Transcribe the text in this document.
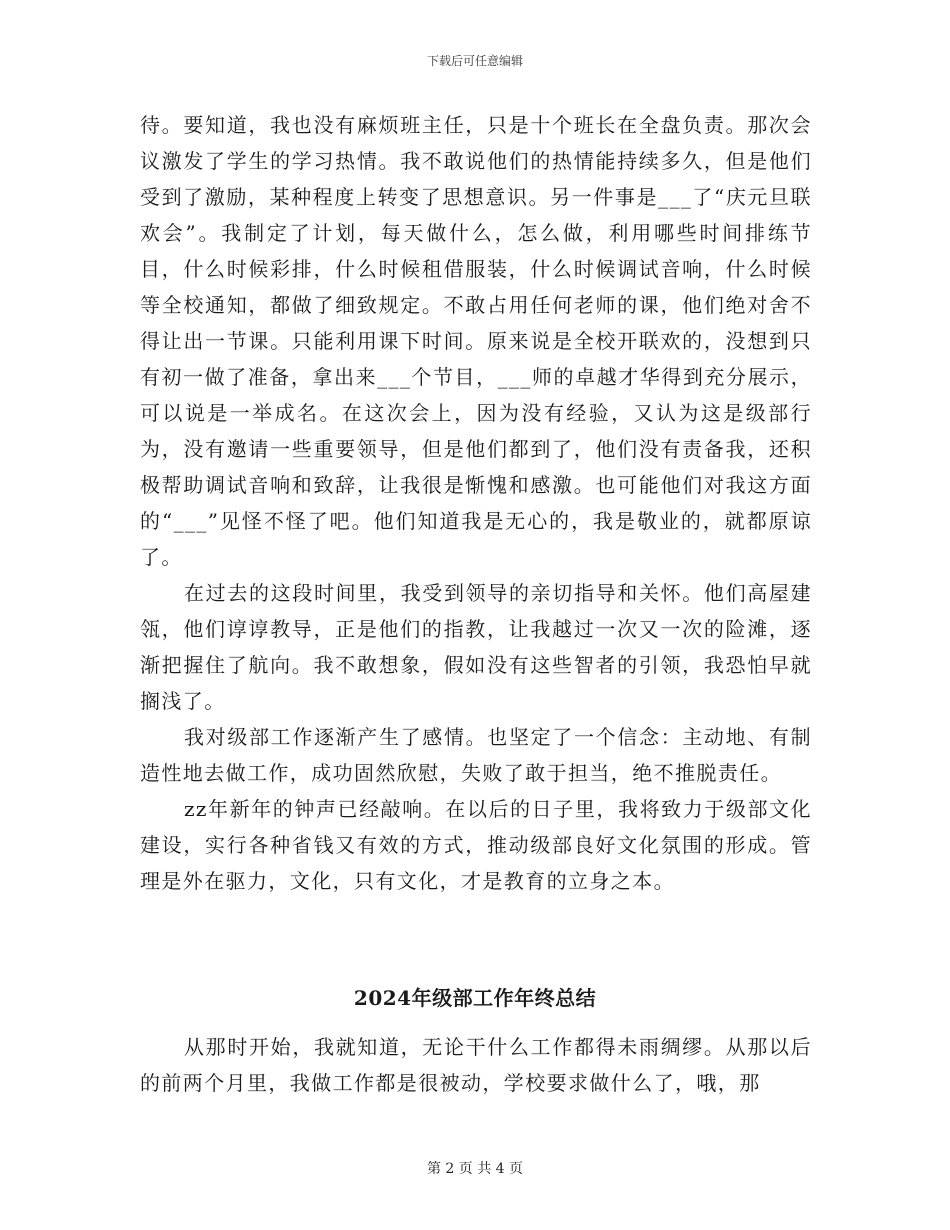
下载后可任意编辑

待。要知道，我也没有麻烦班主任，只是十个班长在全盘负责。那次会议激发了学生的学习热情。我不敢说他们的热情能持续多久，但是他们受到了激励，某种程度上转变了思想意识。另一件事是___了“庆元旦联欢会”。我制定了计划，每天做什么，怎么做，利用哪些时间排练节目，什么时候彩排，什么时候租借服装，什么时候调试音响，什么时候等全校通知，都做了细致规定。不敢占用任何老师的课，他们绝对舍不得让出一节课。只能利用课下时间。原来说是全校开联欢的，没想到只有初一做了准备，拿出来___个节目，___师的卓越才华得到充分展示，可以说是一举成名。在这次会上，因为没有经验，又认为这是级部行为，没有邀请一些重要领导，但是他们都到了，他们没有责备我，还积极帮助调试音响和致辞，让我很是惭愧和感激。也可能他们对我这方面的“___”见怪不怪了吧。他们知道我是无心的，我是敬业的，就都原谅了。

在过去的这段时间里，我受到领导的亲切指导和关怀。他们高屋建瓴，他们谆谆教导，正是他们的指教，让我越过一次又一次的险滩，逐渐把握住了航向。我不敢想象，假如没有这些智者的引领，我恐怕早就搁浅了。

我对级部工作逐渐产生了感情。也坚定了一个信念：主动地、有制造性地去做工作，成功固然欣慰，失败了敢于担当，绝不推脱责任。

zz年新年的钟声已经敲响。在以后的日子里，我将致力于级部文化建设，实行各种省钱又有效的方式，推动级部良好文化氛围的形成。管理是外在驱力，文化，只有文化，才是教育的立身之本。

2024年级部工作年终总结

从那时开始，我就知道，无论干什么工作都得未雨绸缪。从那以后的前两个月里，我做工作都是很被动，学校要求做什么了，哦，那

第 2 页 共 4 页
